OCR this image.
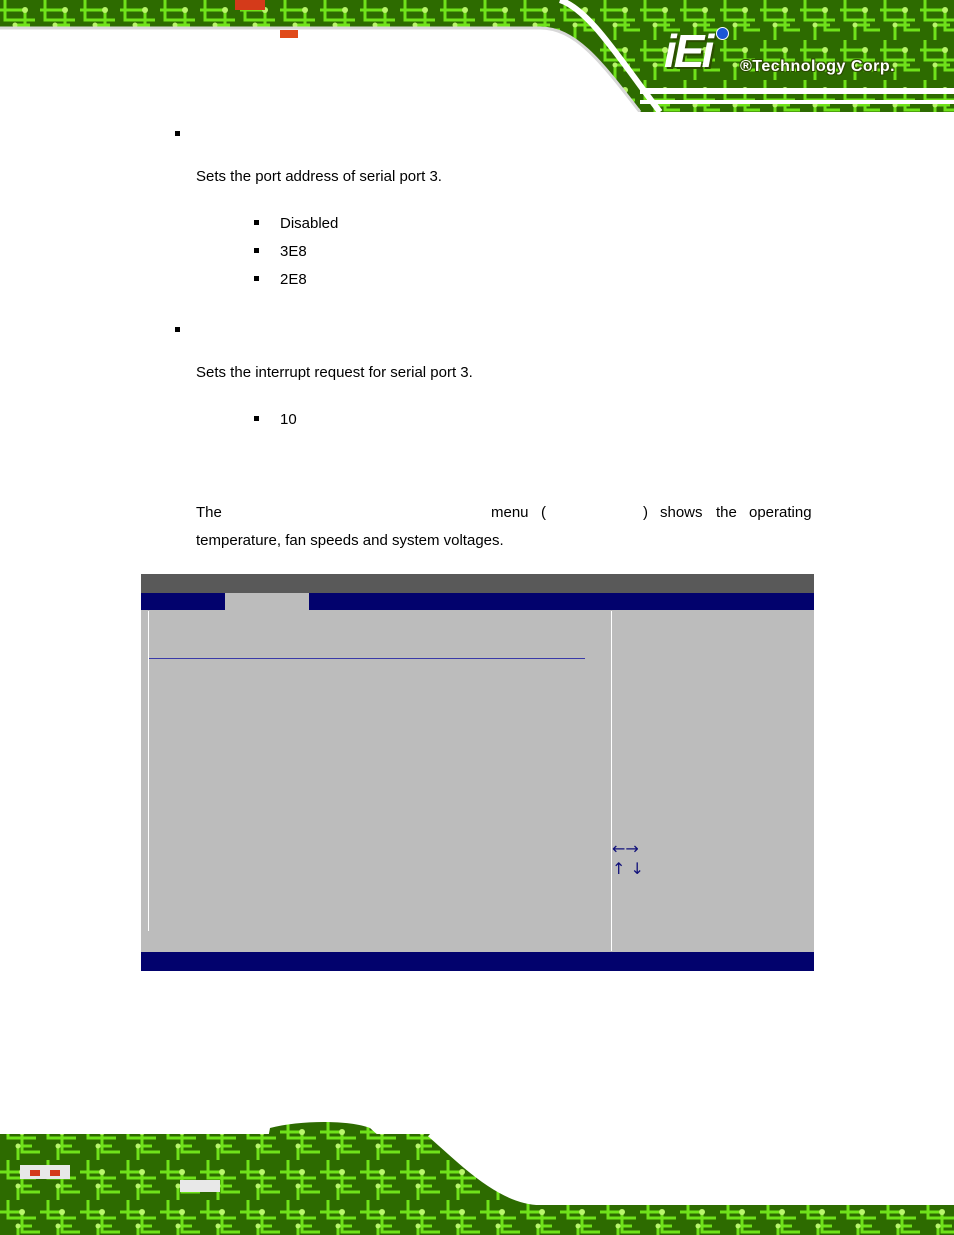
iEi ®Technology Corp.
Sets the port address of serial port 3.
Disabled
3E8
2E8
Sets the interrupt request for serial port 3.
10
The	menu (	) shows the operating
temperature, fan speeds and system voltages.
←→
↑ ↓
